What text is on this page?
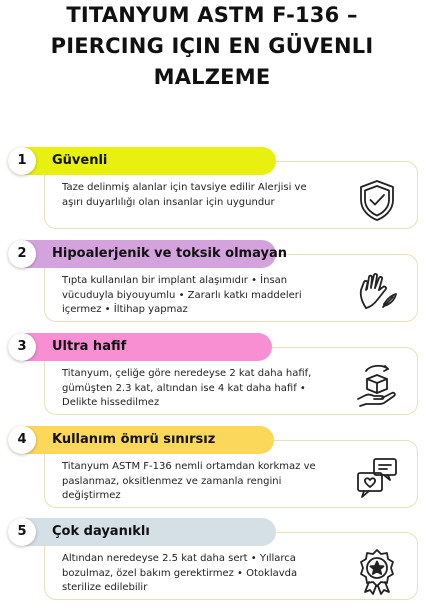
TITANYUM ASTM F-136 –
PIERCING IÇIN EN GÜVENLI
MALZEME
1	Güvenli
Taze delinmiş alanlar için tavsiye edilir Alerjisi ve aşırı duyarlılığı olan insanlar için uygundur
2	Hipoalerjenik ve toksik olmayan
Tıpta kullanılan bir implant alaşımıdır • İnsan vücuduyla biyouyumlu • Zararlı katkı maddeleri içermez • İltihap yapmaz
3	Ultra hafif
Titanyum, çeliğe göre neredeyse 2 kat daha hafif, gümüşten 2.3 kat, altından ise 4 kat daha hafif • Delikte hissedilmez
4	Kullanım ömrü sınırsız
Titanyum ASTM F-136 nemli ortamdan korkmaz ve paslanmaz, oksitlenmez ve zamanla rengini değiştirmez
5	Çok dayanıklı
Altından neredeyse 2.5 kat daha sert • Yıllarca bozulmaz, özel bakım gerektirmez • Otoklavda sterilize edilebilir
